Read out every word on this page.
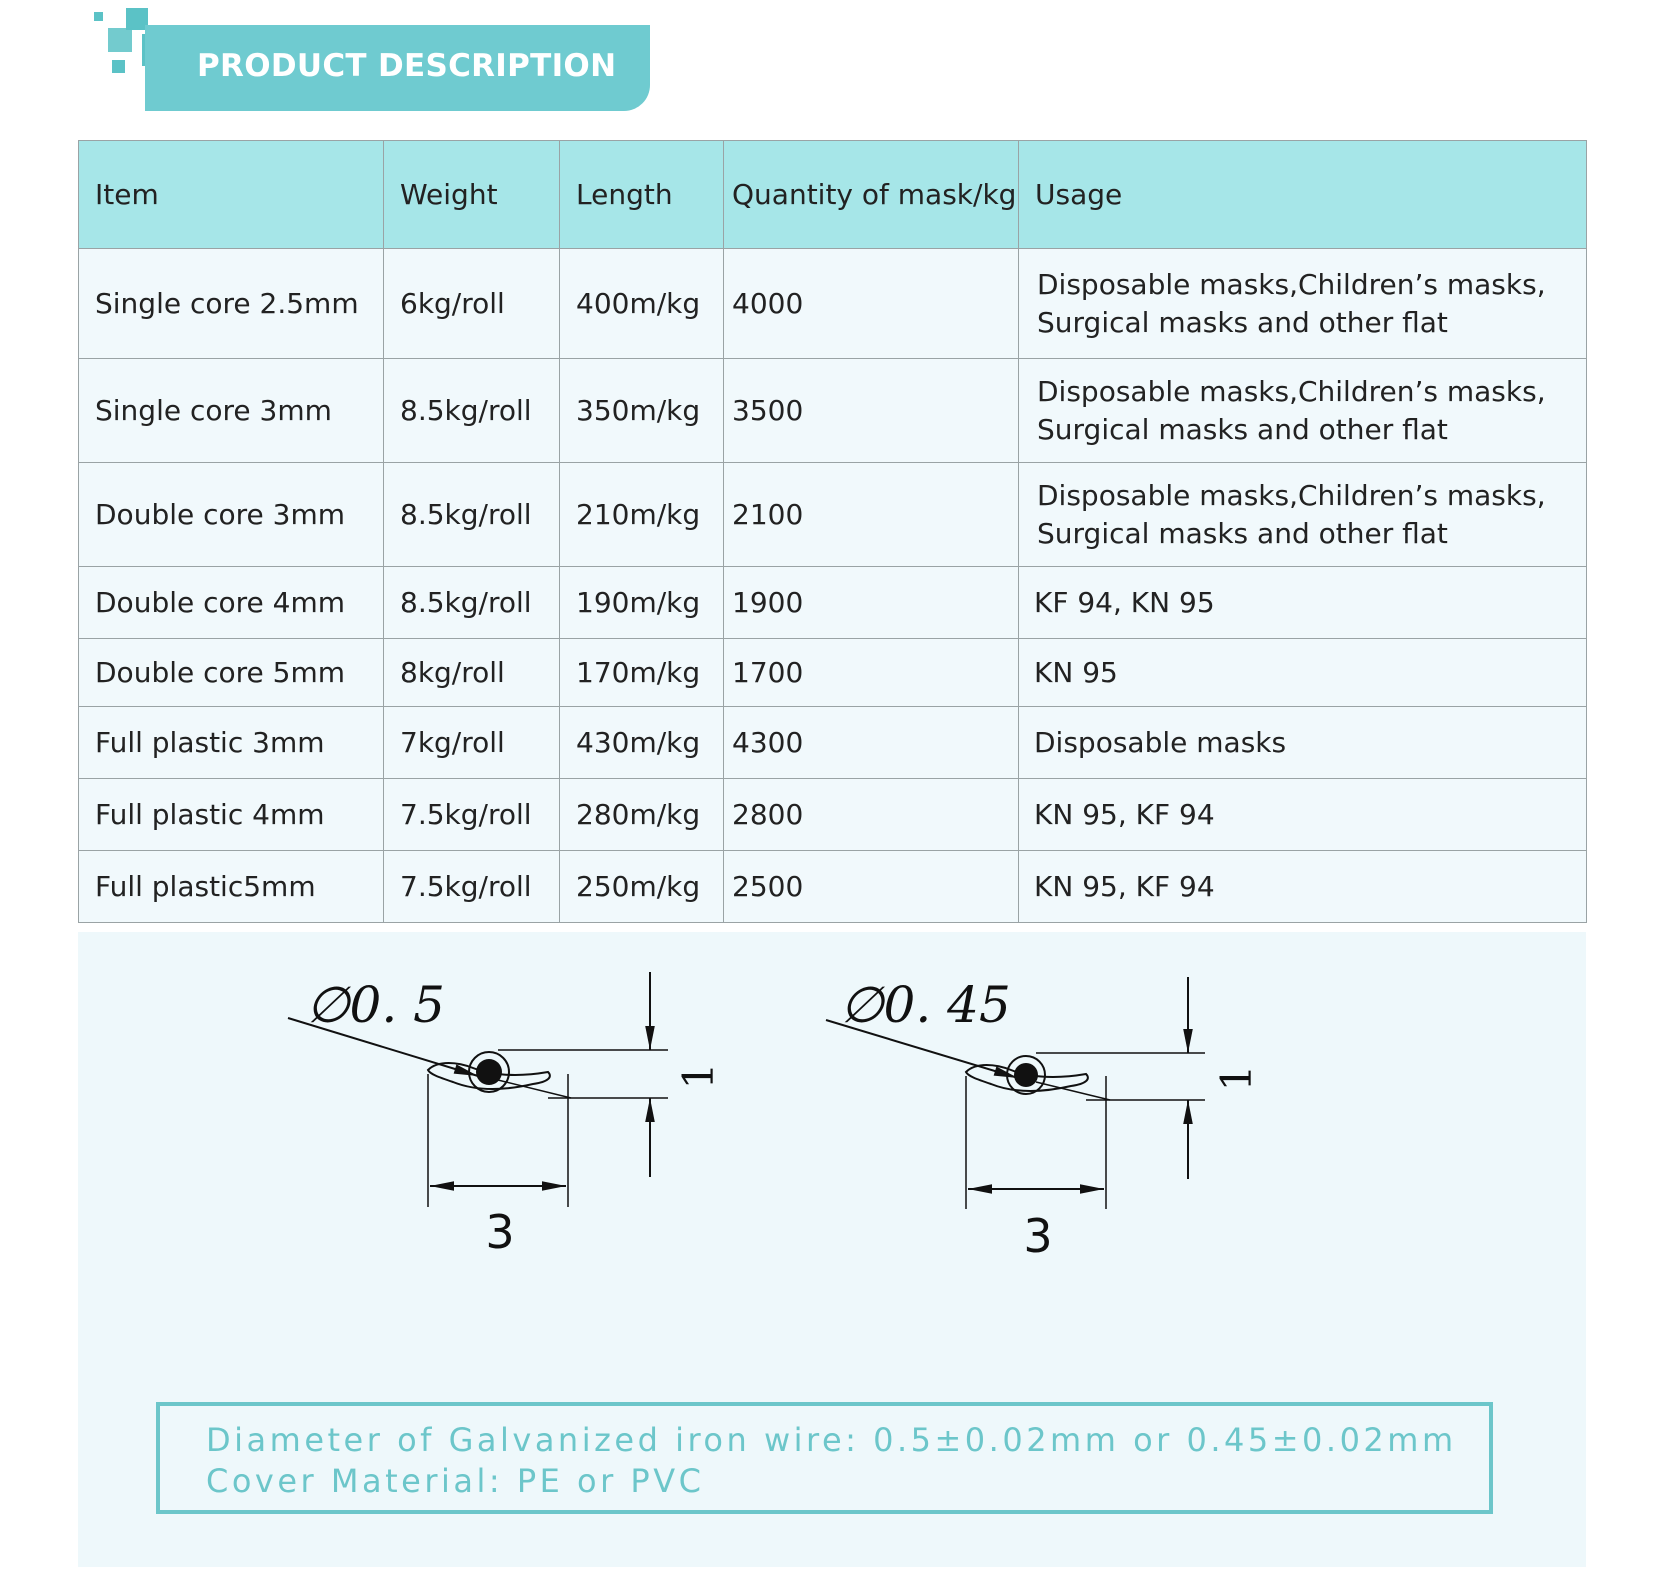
PRODUCT DESCRIPTION
Item	Weight	Length	Quantity of mask/kg	Usage
Single core 2.5mm	6kg/roll	400m/kg	4000	Disposable masks,Children’s masks,
Surgical masks and other flat

Single core 3mm	8.5kg/roll	350m/kg	3500	Disposable masks,Children’s masks,
Surgical masks and other flat

Double core 3mm	8.5kg/roll	210m/kg	2100	Disposable masks,Children’s masks,
Surgical masks and other flat

Double core 4mm	8.5kg/roll	190m/kg	1900	KF 94, KN 95

Double core 5mm	8kg/roll	170m/kg	1700	KN 95

Full plastic 3mm	7kg/roll	430m/kg	4300	Disposable masks

Full plastic 4mm	7.5kg/roll	280m/kg	2800	KN 95, KF 94

Full plastic5mm	7.5kg/roll	250m/kg	2500	KN 95, KF 94
∅0. 5
3
1
∅0. 45
3
1
Diameter of Galvanized iron wire: 0.5±0.02mm or 0.45±0.02mm
Cover Material: PE or PVC
